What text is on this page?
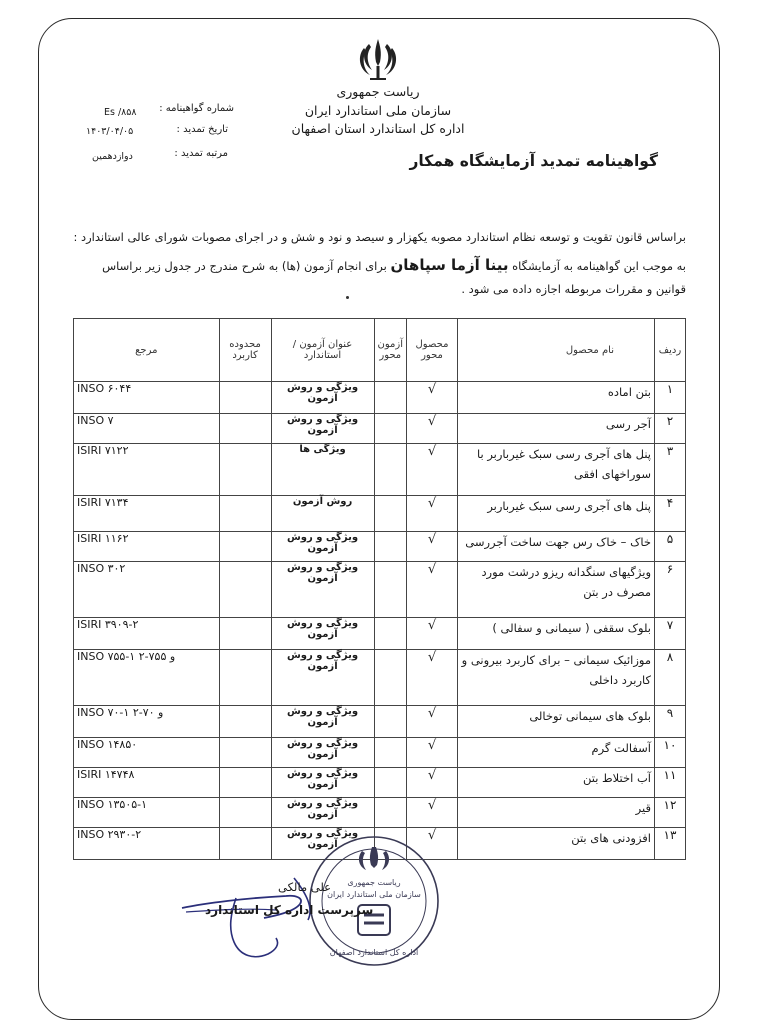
ریاست جمهوری
سازمان ملی استاندارد ایران
اداره کل استاندارد استان اصفهان
شماره گواهینامه :
Es /۸۵۸
تاریخ تمدید :
۱۴۰۳/۰۴/۰۵
مرتبه تمدید :
دوازدهمین	گواهینامه تمدید آزمایشگاه همکار
براساس قانون تقویت و توسعه نظام استاندارد مصوبه یکهزار و سیصد و نود و شش و در اجرای مصوبات شورای عالی استاندارد :
به موجب این گواهینامه به آزمایشگاه بینا آزما سپاهان برای انجام آزمون (ها) به شرح مندرج در جدول زیر براساس
قوانین و مقررات مربوطه اجازه داده می شود .
ردیف	نام محصول	محصول محور	آزمون محور	عنوان آزمون /استاندارد	محدوده کاربرد	مرجع
۱	بتن اماده	√		ویژگی و روش آزمون		INSO ۶۰۴۴
۲	آجر رسی	√		ویژگی و روش آزمون		INSO ۷
۳	پنل های آجری رسی سبک غیرباربر با سوراخهای افقی	√		ویژگی ها		ISIRI ۷۱۲۲
۴	پنل های آجری رسی سبک غیرباربر	√		روش آزمون		ISIRI ۷۱۳۴
۵	خاک – خاک رس جهت ساخت آجررسی	√		ویژگی و روش آزمون		ISIRI ۱۱۶۲
۶	ویژگیهای سنگدانه ریزو درشت مورد مصرف در بتن	√		ویژگی و روش آزمون		INSO ۳۰۲
۷	بلوک سقفی ( سیمانی و سفالی )	√		ویژگی و روش آزمون		ISIRI ۳۹۰۹-۲
۸	موزائیک سیمانی – برای کاربرد بیرونی و کاربرد داخلی	√		ویژگی و روش آزمون		INSO ۷۵۵-۱ و ۷۵۵-۲
۹	بلوک های سیمانی توخالی	√		ویژگی و روش آزمون		INSO ۷۰-۱ و ۷۰-۲
۱۰	آسفالت گرم	√		ویژگی و روش آزمون		INSO ۱۴۸۵۰
۱۱	آب اختلاط بتن	√		ویژگی و روش آزمون		ISIRI ۱۴۷۴۸
۱۲	قیر	√		ویژگی و روش آزمون		INSO ۱۳۵۰۵-۱
۱۳	افزودنی های بتن	√		ویژگی و روش آزمون		INSO ۲۹۳۰-۲
ریاست جمهوری
سازمان ملی استاندارد ایران
اداره کل استاندارد اصفهان
علی مالکی
سرپرست اداره کل استاندارد
